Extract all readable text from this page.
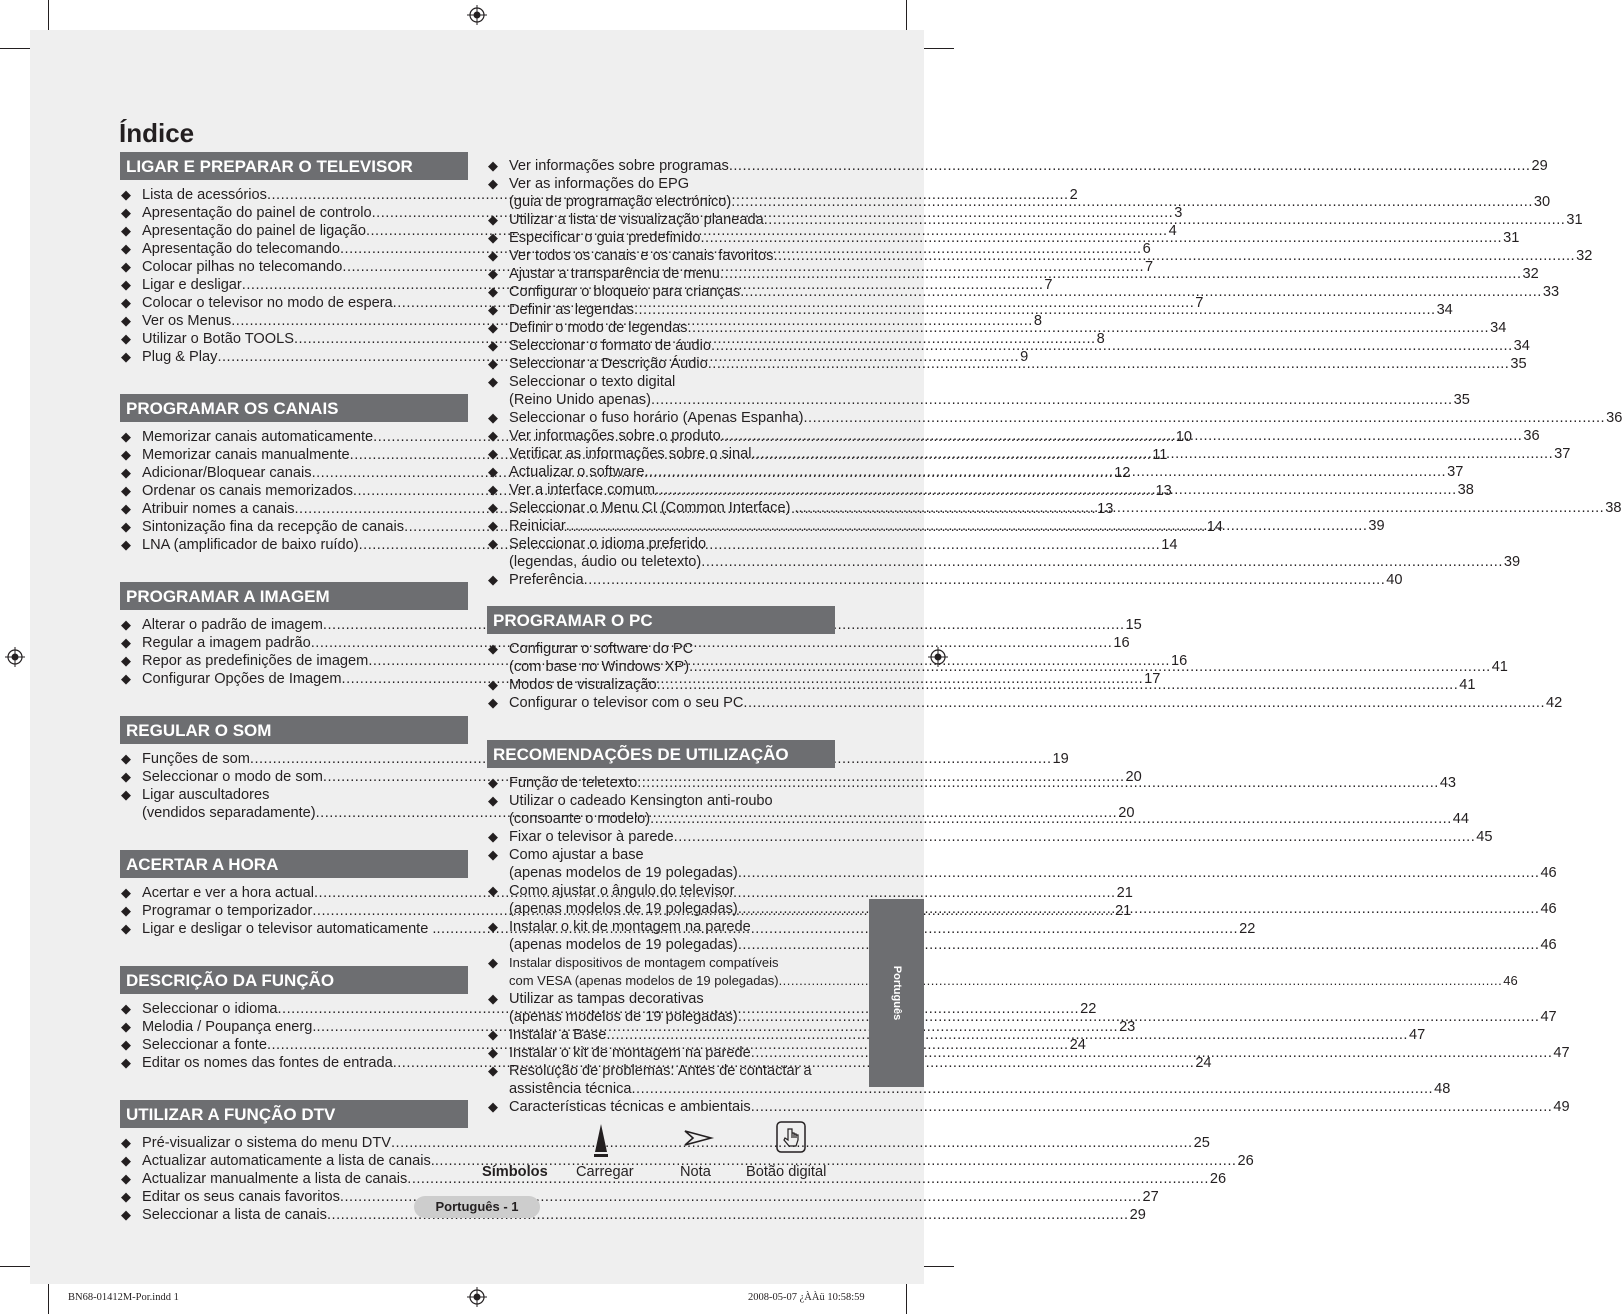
Índice
LIGAR E PREPARAR O TELEVISOR
◆ Lista de acessórios .....	2
◆ Apresentação do painel de controlo .....	3
◆ Apresentação do painel de ligação .....	4
◆ Apresentação do telecomando .....	6
◆ Colocar pilhas no telecomando .....	7
◆ Ligar e desligar .....	7
◆ Colocar o televisor no modo de espera .....	7
◆ Ver os Menus .....	8
◆ Utilizar o Botão TOOLS .....	8
◆ Plug & Play .....	9
PROGRAMAR OS CANAIS
◆ Memorizar canais automaticamente .....	10
◆ Memorizar canais manualmente .....	11
◆ Adicionar/Bloquear canais .....	12
◆ Ordenar os canais memorizados .....	13
◆ Atribuir nomes a canais .....	13
◆ Sintonização fina da recepção de canais .....	14
◆ LNA (amplificador de baixo ruído) .....	14
PROGRAMAR A IMAGEM
◆ Alterar o padrão de imagem .....	15
◆ Regular a imagem padrão .....	16
◆ Repor as predefinições de imagem .....	16
◆ Configurar Opções de Imagem .....	17
REGULAR O SOM
◆ Funções de som .....	19
◆ Seleccionar o modo de som .....	20
◆ Ligar auscultadores
(vendidos separadamente) .....	20
ACERTAR A HORA
◆ Acertar e ver a hora actual .....	21
◆ Programar o temporizador .....	21
◆ Ligar e desligar o televisor automaticamente . .....	22
DESCRIÇÃO DA FUNÇÃO
◆ Seleccionar o idioma .....	22
◆ Melodia / Poupança energ. .....	23
◆ Seleccionar a fonte .....	24
◆ Editar os nomes das fontes de entrada .....	24
UTILIZAR A FUNÇÃO DTV
◆ Pré-visualizar o sistema do menu DTV .....	25
◆ Actualizar automaticamente a lista de canais. .....	26
◆ Actualizar manualmente a lista de canais .....	26
◆ Editar os seus canais favoritos .....	27
◆ Seleccionar a lista de canais .....	29
◆ Ver informações sobre programas .....	29
◆ Ver as informações do EPG
(guia de programação electrónico) .....	30
◆ Utilizar a lista de visualização planeada .....	31
◆ Especificar o guia predefinido .....	31
◆ Ver todos os canais e os canais favoritos .....	32
◆ Ajustar a transparência de menu .....	32
◆ Configurar o bloqueio para crianças .....	33
◆ Definir as legendas .....	34
◆ Definir o modo de legendas .....	34
◆ Seleccionar o formato de áudio .....	34
◆ Seleccionar a Descrição Áudio .....	35
◆ Seleccionar o texto digital
(Reino Unido apenas) .....	35
◆ Seleccionar o fuso horário (Apenas Espanha) .....	36
◆ Ver informações sobre o produto .....	36
◆ Verificar as informações sobre o sinal .....	37
◆ Actualizar o software .....	37
◆ Ver a interface comum .....	38
◆ Seleccionar o Menu CI (Common Interface) .. .....	38
◆ Reiniciar .....	39
◆ Seleccionar o idioma preferido
(legendas, áudio ou teletexto) .....	39
◆ Preferência .....	40
PROGRAMAR O PC
◆ Configurar o software do PC
(com base no Windows XP) .....	41
◆ Modos de visualização .....	41
◆ Configurar o televisor com o seu PC .....	42
RECOMENDAÇÕES DE UTILIZAÇÃO
◆ Função de teletexto .....	43
◆ Utilizar o cadeado Kensington anti-roubo
(consoante o modelo) .....	44
◆ Fixar o televisor à parede .....	45
◆ Como ajustar a base
(apenas modelos de 19 polegadas) .....	46
◆ Como ajustar o ângulo do televisor
(apenas modelos de 19 polegadas) .....	46
◆ Instalar o kit de montagem na parede
(apenas modelos de 19 polegadas) .....	46
◆ Instalar dispositivos de montagem compatíveis
com VESA (apenas modelos de 19 polegadas) .....	46
◆ Utilizar as tampas decorativas
(apenas modelos de 19 polegadas) .....	47
◆ Instalar a Base .....	47
◆ Instalar o kit de montagem na parede .....	47
◆ Resolução de problemas: Antes de contactar a
assistência técnica .....	48
◆ Características técnicas e ambientais .....	49
Símbolos Carregar	Nota Botão digital
Português - 1
Português
BN68-01412M-Por.indd 1	2008-05-07 ¿ÀÀü 10:58:59
